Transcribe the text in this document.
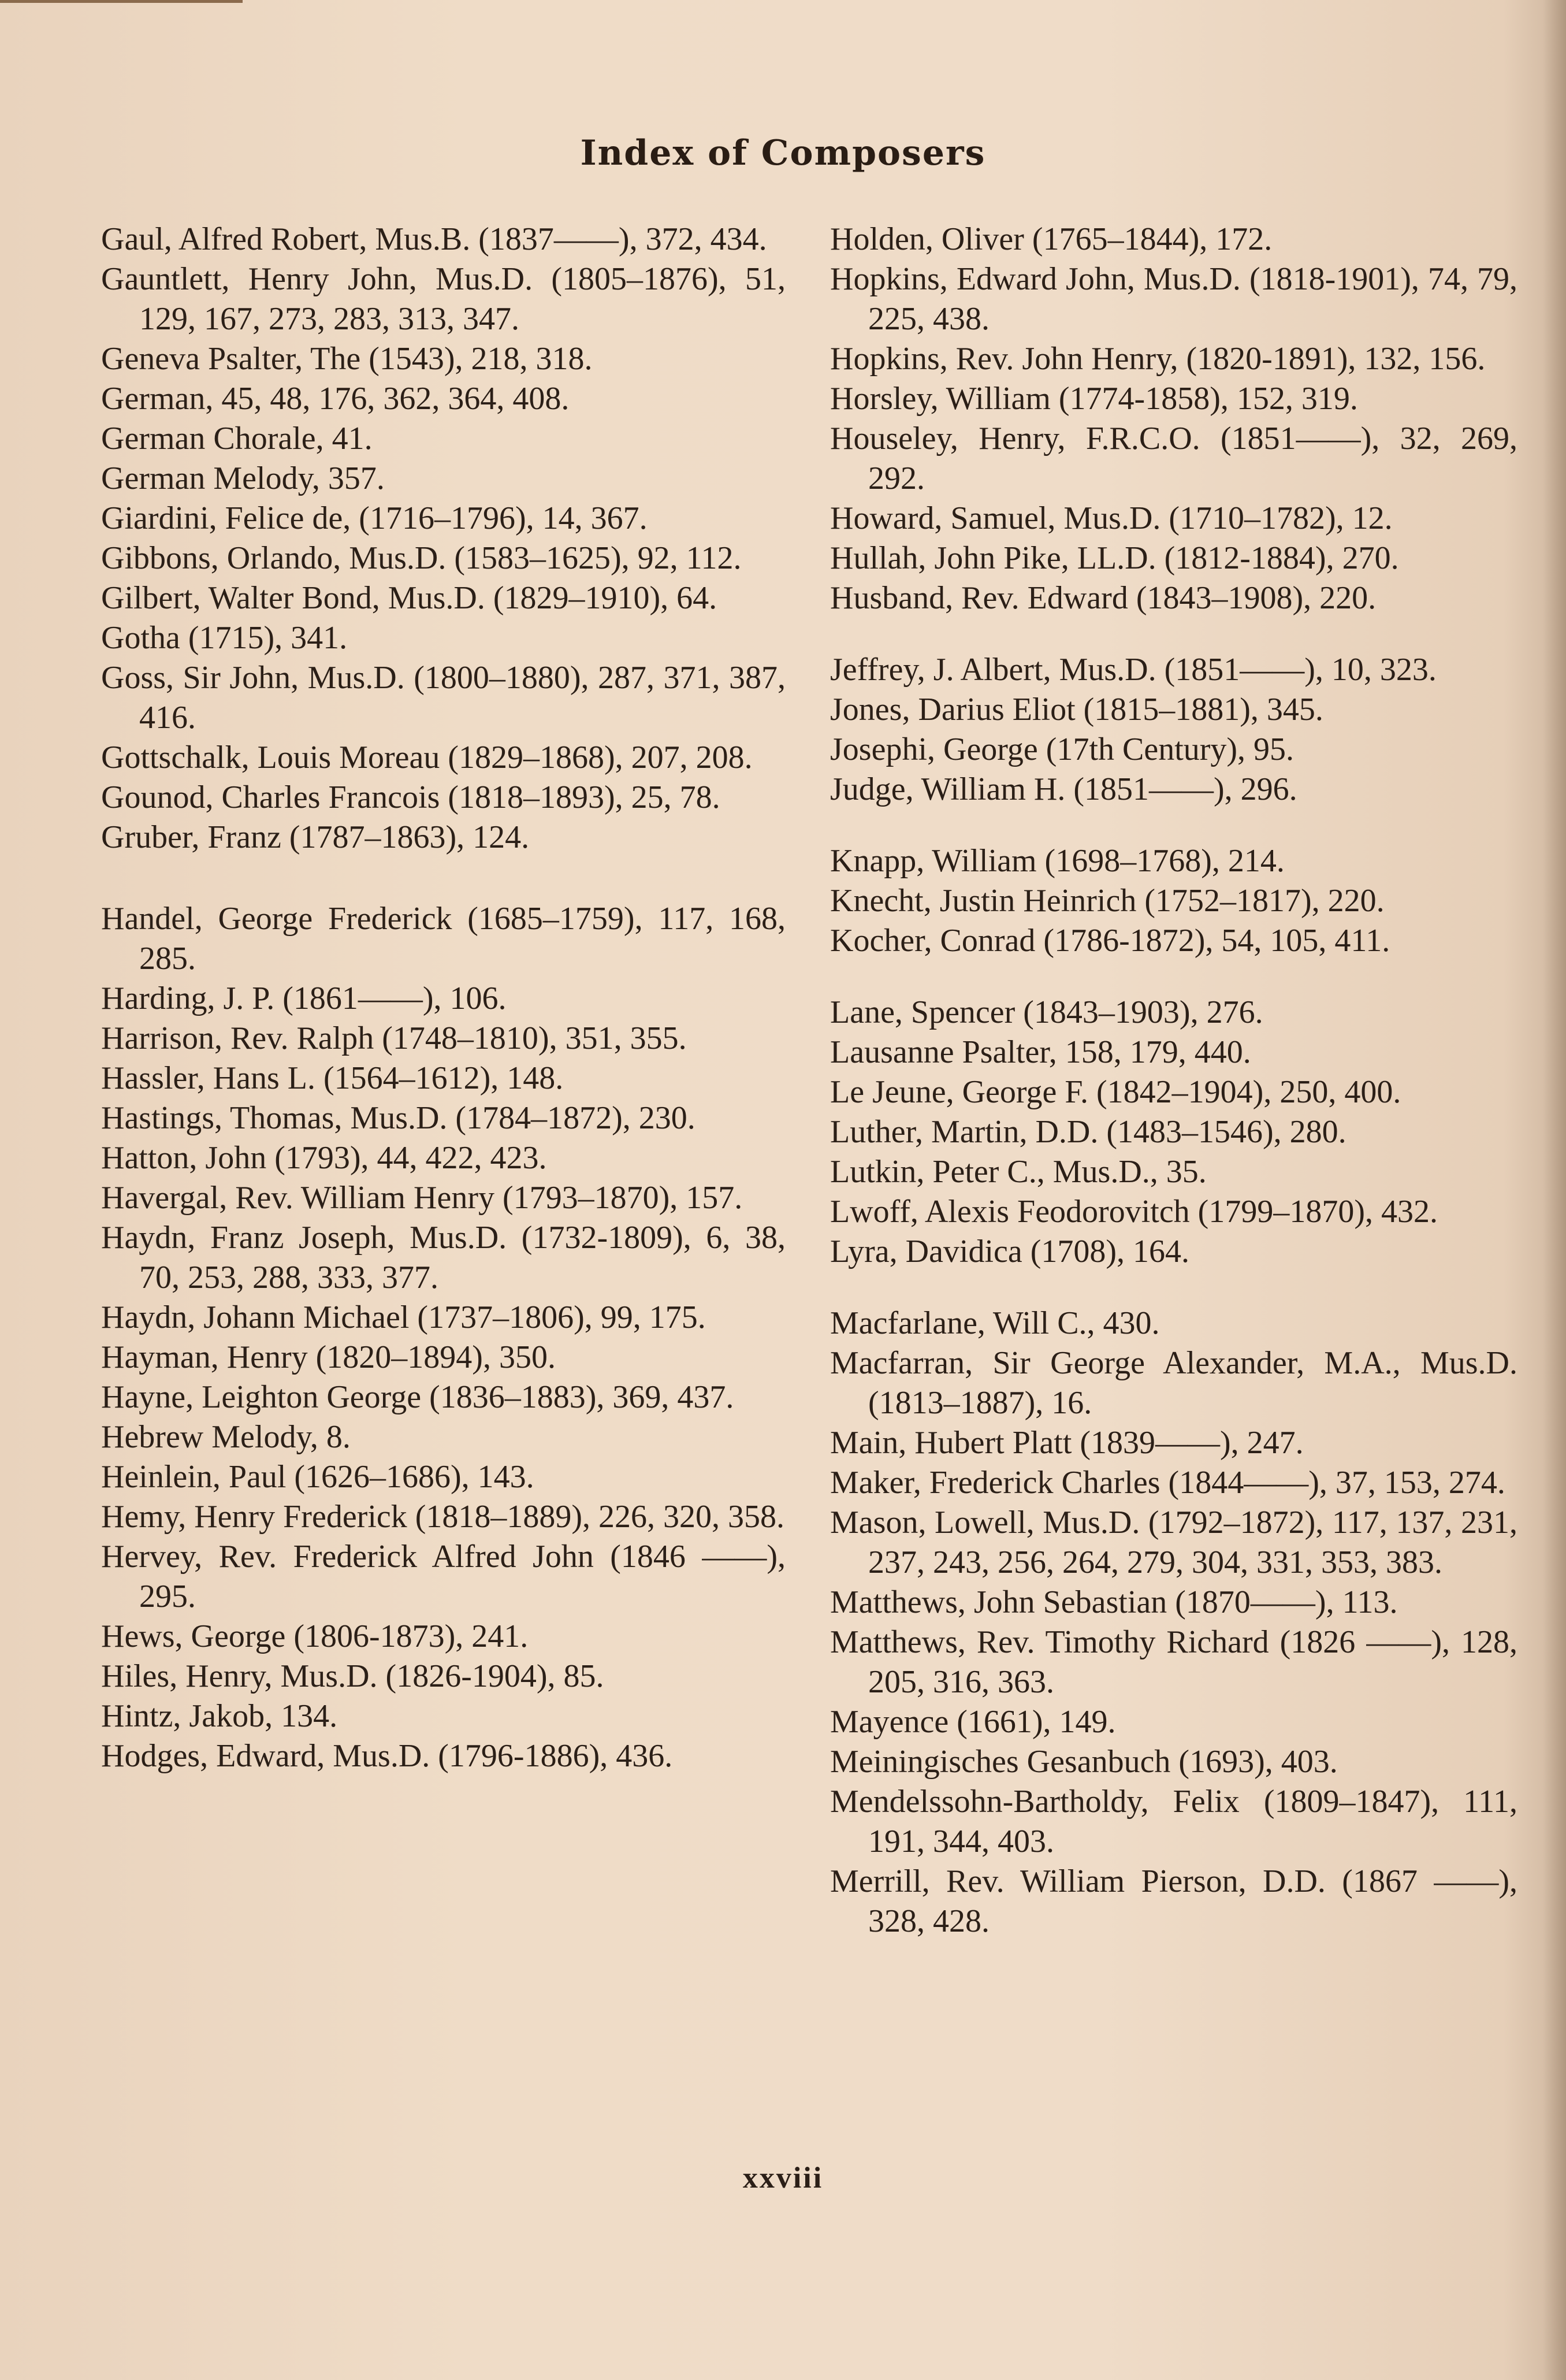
Index of Composers
Gaul, Alfred Robert, Mus.B. (1837——), 372, 434.
Gauntlett, Henry John, Mus.D. (1805–1876), 51, 129, 167, 273, 283, 313, 347.
Geneva Psalter, The (1543), 218, 318.
German, 45, 48, 176, 362, 364, 408.
German Chorale, 41.
German Melody, 357.
Giardini, Felice de, (1716–1796), 14, 367.
Gibbons, Orlando, Mus.D. (1583–1625), 92, 112.
Gilbert, Walter Bond, Mus.D. (1829–1910), 64.
Gotha (1715), 341.
Goss, Sir John, Mus.D. (1800–1880), 287, 371, 387, 416.
Gottschalk, Louis Moreau (1829–1868), 207, 208.
Gounod, Charles Francois (1818–1893), 25, 78.
Gruber, Franz (1787–1863), 124.
Handel, George Frederick (1685–1759), 117, 168, 285.
Harding, J. P. (1861——), 106.
Harrison, Rev. Ralph (1748–1810), 351, 355.
Hassler, Hans L. (1564–1612), 148.
Hastings, Thomas, Mus.D. (1784–1872), 230.
Hatton, John (1793), 44, 422, 423.
Havergal, Rev. William Henry (1793–1870), 157.
Haydn, Franz Joseph, Mus.D. (1732-1809), 6, 38, 70, 253, 288, 333, 377.
Haydn, Johann Michael (1737–1806), 99, 175.
Hayman, Henry (1820–1894), 350.
Hayne, Leighton George (1836–1883), 369, 437.
Hebrew Melody, 8.
Heinlein, Paul (1626–1686), 143.
Hemy, Henry Frederick (1818–1889), 226, 320, 358.
Hervey, Rev. Frederick Alfred John (1846 ——), 295.
Hews, George (1806-1873), 241.
Hiles, Henry, Mus.D. (1826-1904), 85.
Hintz, Jakob, 134.
Hodges, Edward, Mus.D. (1796-1886), 436.
Holden, Oliver (1765–1844), 172.
Hopkins, Edward John, Mus.D. (1818-1901), 74, 79, 225, 438.
Hopkins, Rev. John Henry, (1820-1891), 132, 156.
Horsley, William (1774-1858), 152, 319.
Houseley, Henry, F.R.C.O. (1851——), 32, 269, 292.
Howard, Samuel, Mus.D. (1710–1782), 12.
Hullah, John Pike, LL.D. (1812-1884), 270.
Husband, Rev. Edward (1843–1908), 220.
Jeffrey, J. Albert, Mus.D. (1851——), 10, 323.
Jones, Darius Eliot (1815–1881), 345.
Josephi, George (17th Century), 95.
Judge, William H. (1851——), 296.
Knapp, William (1698–1768), 214.
Knecht, Justin Heinrich (1752–1817), 220.
Kocher, Conrad (1786-1872), 54, 105, 411.
Lane, Spencer (1843–1903), 276.
Lausanne Psalter, 158, 179, 440.
Le Jeune, George F. (1842–1904), 250, 400.
Luther, Martin, D.D. (1483–1546), 280.
Lutkin, Peter C., Mus.D., 35.
Lwoff, Alexis Feodorovitch (1799–1870), 432.
Lyra, Davidica (1708), 164.
Macfarlane, Will C., 430.
Macfarran, Sir George Alexander, M.A., Mus.D. (1813–1887), 16.
Main, Hubert Platt (1839——), 247.
Maker, Frederick Charles (1844——), 37, 153, 274.
Mason, Lowell, Mus.D. (1792–1872), 117, 137, 231, 237, 243, 256, 264, 279, 304, 331, 353, 383.
Matthews, John Sebastian (1870——), 113.
Matthews, Rev. Timothy Richard (1826 ——), 128, 205, 316, 363.
Mayence (1661), 149.
Meiningisches Gesanbuch (1693), 403.
Mendelssohn-Bartholdy, Felix (1809–1847), 111, 191, 344, 403.
Merrill, Rev. William Pierson, D.D. (1867 ——), 328, 428.
xxviii
